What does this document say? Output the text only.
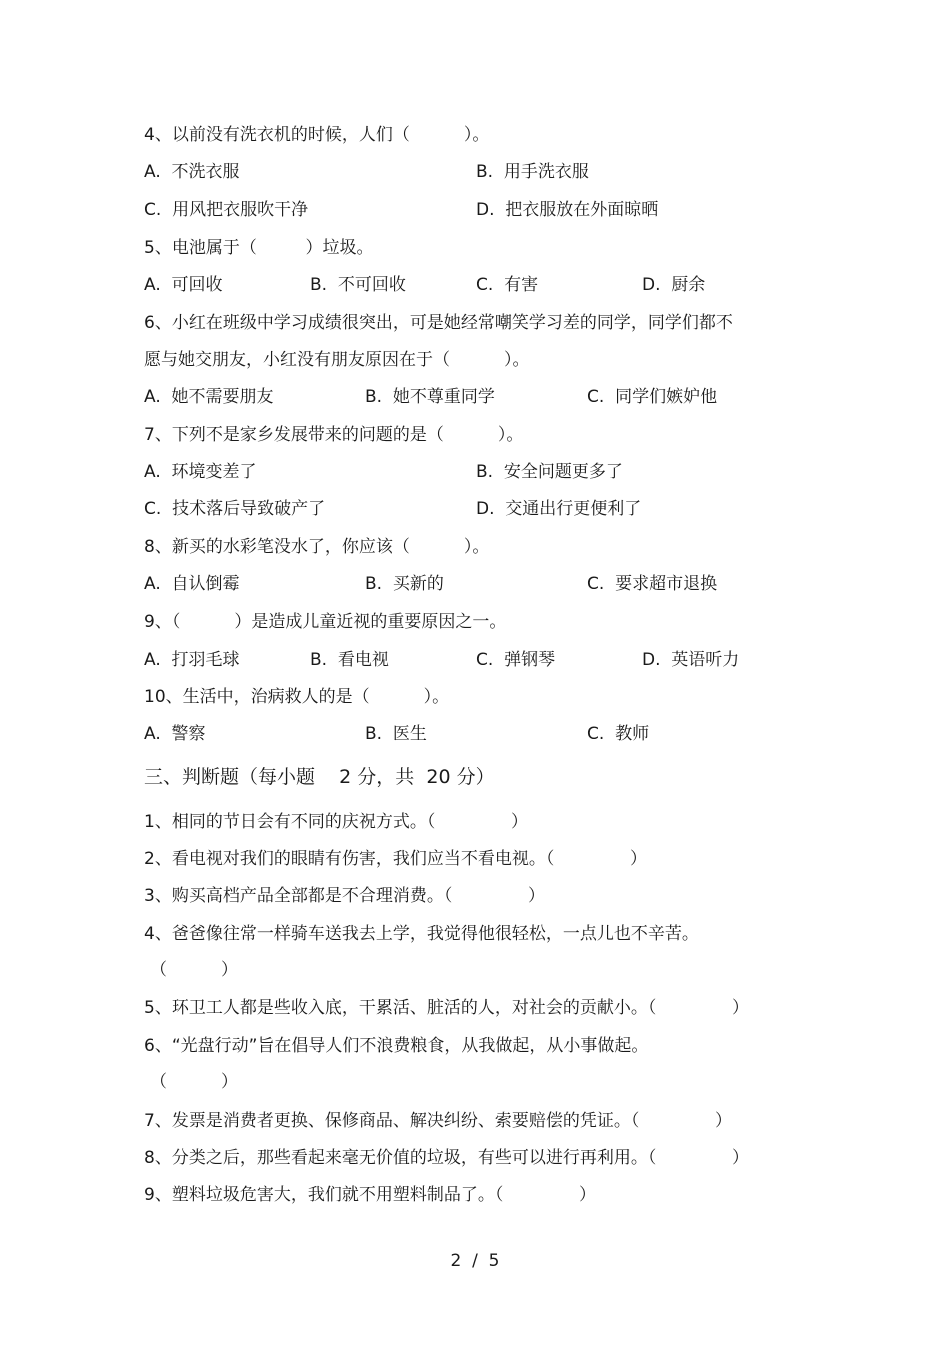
4、以前没有洗衣机的时候，人们（          ）。
A.  不洗衣服	B.  用手洗衣服
C.  用风把衣服吹干净	D.  把衣服放在外面晾晒
5、电池属于（         ）垃圾。
A.  可回收	B.  不可回收	C.  有害	D.  厨余
6、小红在班级中学习成绩很突出，可是她经常嘲笑学习差的同学，同学们都不
愿与她交朋友，小红没有朋友原因在于（          ）。
A.  她不需要朋友	B.  她不尊重同学	C.  同学们嫉妒他
7、下列不是家乡发展带来的问题的是（          ）。
A.  环境变差了	B.  安全问题更多了
C.  技术落后导致破产了	D.  交通出行更便利了
8、新买的水彩笔没水了，你应该（          ）。
A.  自认倒霉	B.  买新的	C.  要求超市退换
9、（          ）是造成儿童近视的重要原因之一。
A.  打羽毛球	B.  看电视	C.  弹钢琴	D.  英语听力
10、生活中，治病救人的是（          ）。
A.  警察	B.  医生	C.  教师
三、判断题（每小题    2 分，共  20 分）
1、相同的节日会有不同的庆祝方式。（              ）
2、看电视对我们的眼睛有伤害，我们应当不看电视。（              ）
3、购买高档产品全部都是不合理消费。（              ）
4、爸爸像往常一样骑车送我去上学，我觉得他很轻松，一点儿也不辛苦。
（          ）
5、环卫工人都是些收入底，干累活、脏活的人，对社会的贡献小。（              ）
6、“光盘行动”旨在倡导人们不浪费粮食，从我做起，从小事做起。
（          ）
7、发票是消费者更换、保修商品、解决纠纷、索要赔偿的凭证。（              ）
8、分类之后，那些看起来毫无价值的垃圾，有些可以进行再利用。（              ）
9、塑料垃圾危害大，我们就不用塑料制品了。（              ）
2  /  5
